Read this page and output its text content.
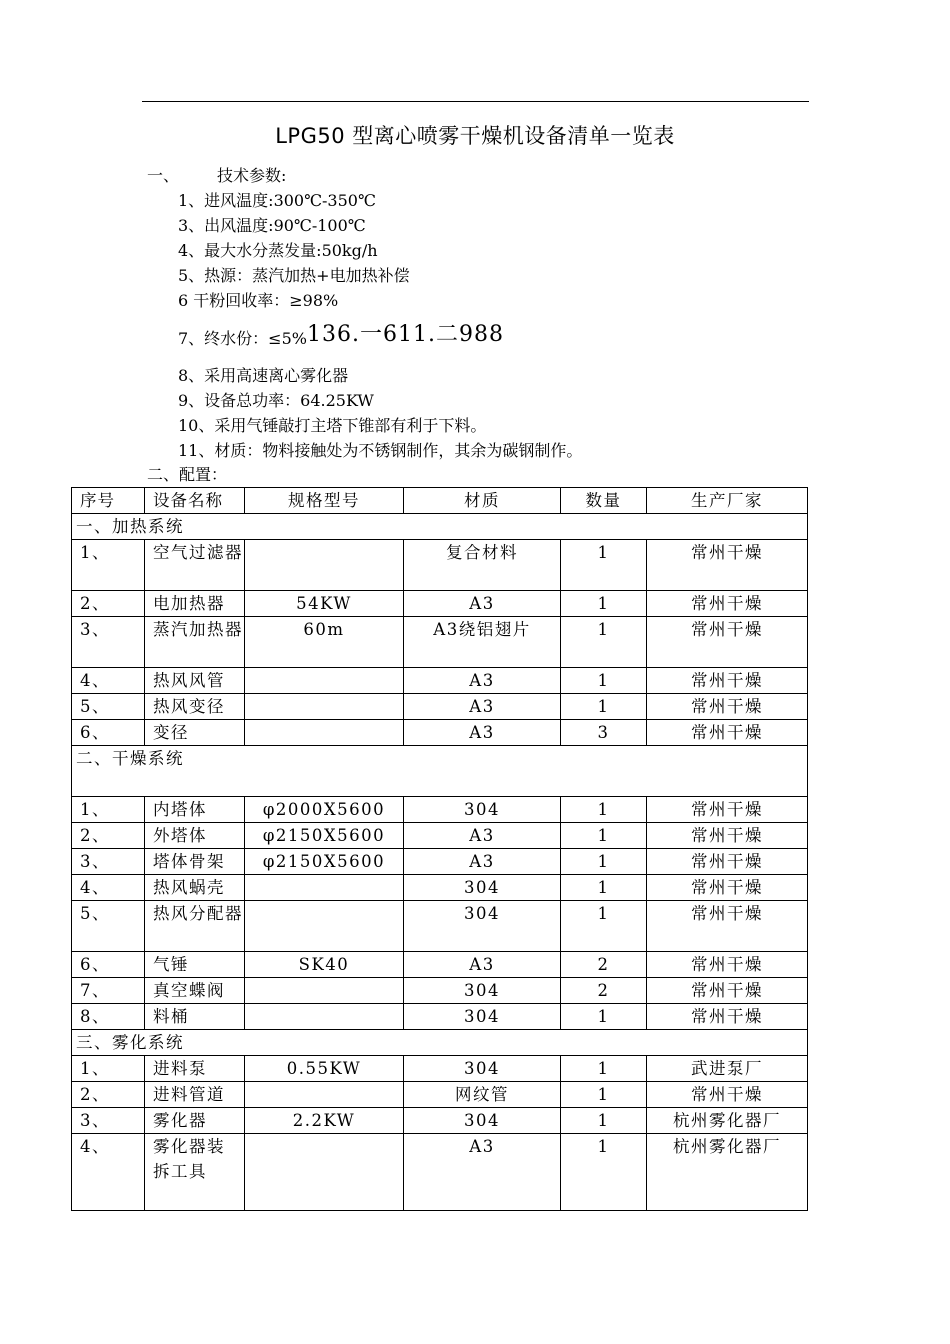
LPG50 型离心喷雾干燥机设备清单一览表
一、 技术参数:
1、进风温度:300℃-350℃
3、出风温度:90℃-100℃
4、最大水分蒸发量:50kg/h
5、热源：蒸汽加热+电加热补偿
6 干粉回收率：≥98%
7、终水份：≤5%136.一611.二988
8、采用高速离心雾化器
9、设备总功率：64.25KW
10、采用气锤敲打主塔下锥部有利于下料。
11、材质：物料接触处为不锈钢制作，其余为碳钢制作。
二、配置：
序号	设备名称	规格型号	材质	数量	生产厂家
一、加热系统					
1、	空气过滤器		复合材料	1	常州干燥
2、	电加热器	54KW	A3	1	常州干燥
3、	蒸汽加热器	60m	A3绕铝翅片	1	常州干燥
4、	热风风管		A3	1	常州干燥
5、	热风变径		A3	1	常州干燥
6、	变径		A3	3	常州干燥
二、干燥系统					
1、	内塔体	φ2000X5600	304	1	常州干燥
2、	外塔体	φ2150X5600	A3	1	常州干燥
3、	塔体骨架	φ2150X5600	A3	1	常州干燥
4、	热风蜗壳		304	1	常州干燥
5、	热风分配器		304	1	常州干燥
6、	气锤	SK40	A3	2	常州干燥
7、	真空蝶阀		304	2	常州干燥
8、	料桶		304	1	常州干燥
三、雾化系统					
1、	进料泵	0.55KW	304	1	武进泵厂
2、	进料管道		网纹管	1	常州干燥
3、	雾化器	2.2KW	304	1	杭州雾化器厂
4、	雾化器装拆工具		A3	1	杭州雾化器厂
